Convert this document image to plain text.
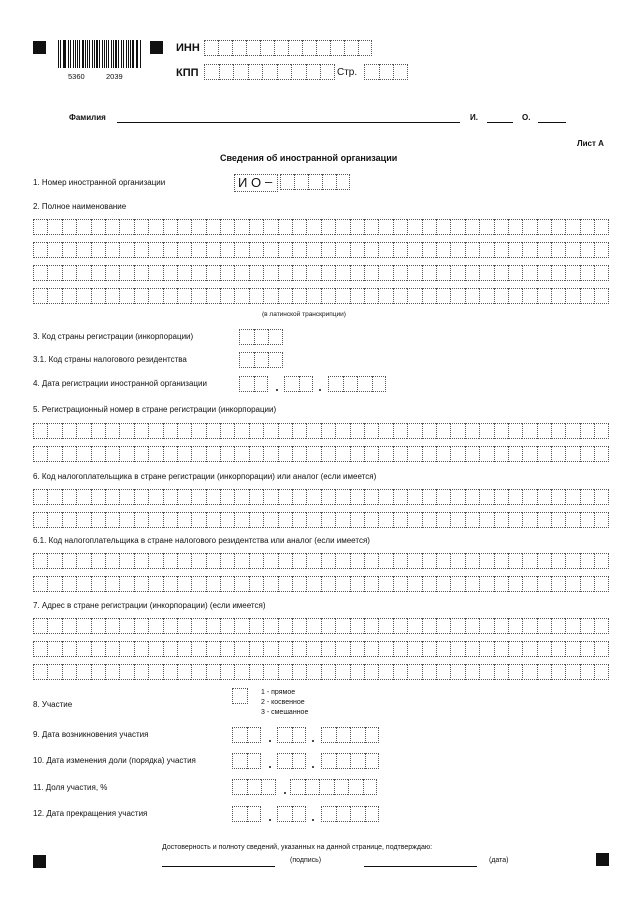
5360	2039
ИНН
КПП	Стр.
Фамилия	И.	О.
Лист А
Сведения об иностранной организации
1. Номер иностранной организации	И О –
2. Полное наименование
(в латинской транскрипции)
3. Код страны регистрации (инкорпорации)
3.1. Код страны налогового резидентства
4. Дата регистрации иностранной организации
5. Регистрационный номер в стране регистрации (инкорпорации)
6. Код налогоплательщика в стране регистрации (инкорпорации) или аналог (если имеется)
6.1. Код налогоплательщика в стране налогового резидентства или аналог (если имеется)
7. Адрес в стране регистрации (инкорпорации) (если имеется)
8. Участие
1 - прямое
2 - косвенное
3 - смешанное
9. Дата возникновения участия
10. Дата изменения доли (порядка) участия
11. Доля участия, %
12. Дата прекращения участия
Достоверность и полноту сведений, указанных на данной странице, подтверждаю:
(подпись)	(дата)
